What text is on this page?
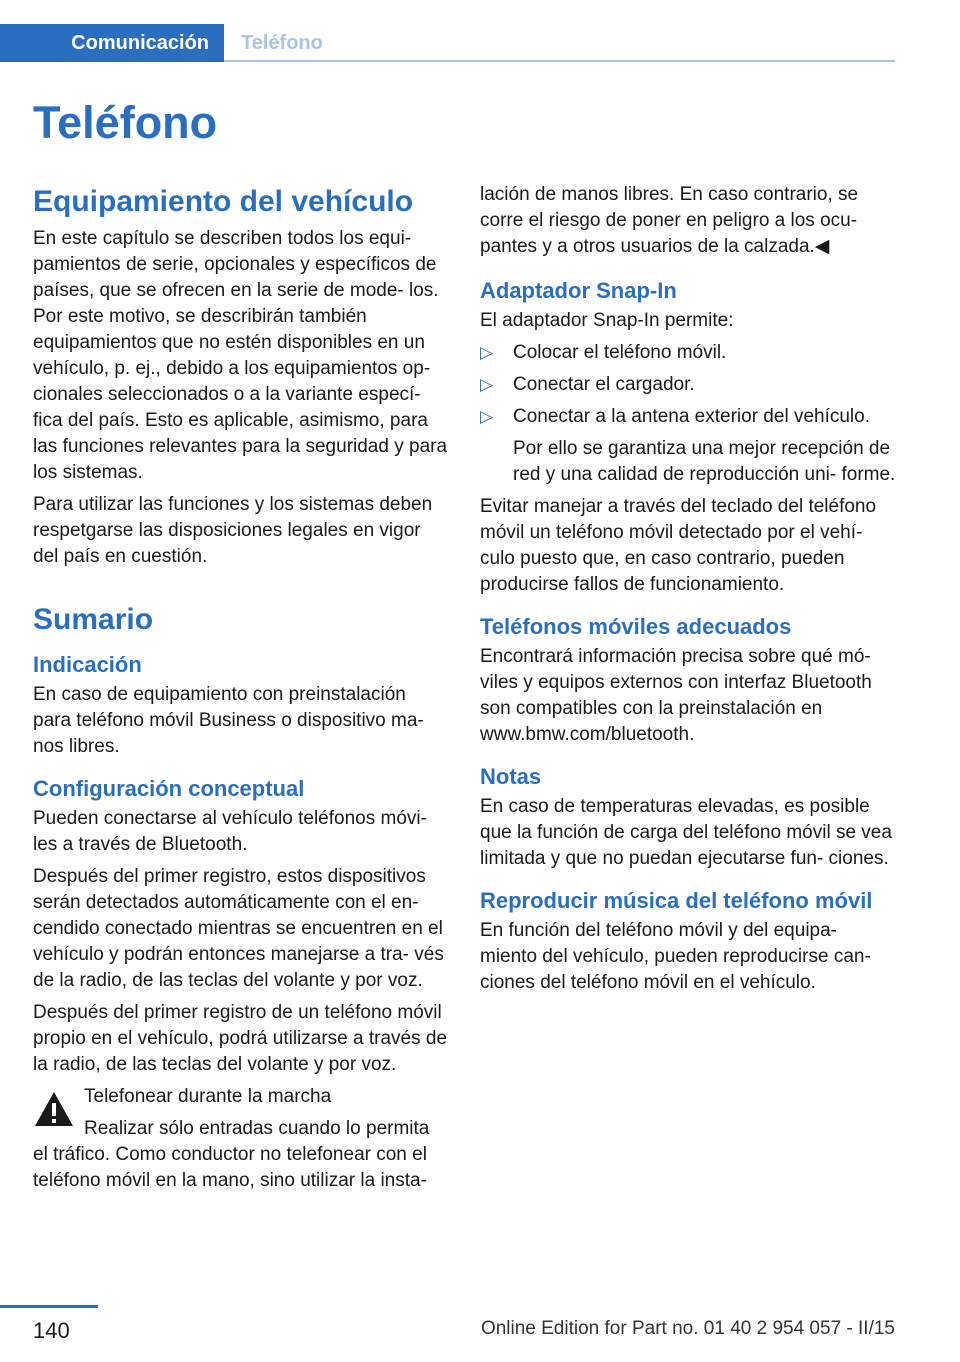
Comunicación	Teléfono
Teléfono
Equipamiento del vehículo

En este capítulo se describen todos los equi- pamientos de serie, opcionales y específicos de países, que se ofrecen en la serie de mode- los. Por este motivo, se describirán también equipamientos que no estén disponibles en un vehículo, p. ej., debido a los equipamientos op- cionales seleccionados o a la variante especí- fica del país. Esto es aplicable, asimismo, para las funciones relevantes para la seguridad y para los sistemas.

Para utilizar las funciones y los sistemas deben respetgarse las disposiciones legales en vigor del país en cuestión.

Sumario
Indicación

En caso de equipamiento con preinstalación para teléfono móvil Business o dispositivo ma- nos libres.

Configuración conceptual

Pueden conectarse al vehículo teléfonos móvi- les a través de Bluetooth.

Después del primer registro, estos dispositivos serán detectados automáticamente con el en- cendido conectado mientras se encuentren en el vehículo y podrán entonces manejarse a tra- vés de la radio, de las teclas del volante y por voz.

Después del primer registro de un teléfono móvil propio en el vehículo, podrá utilizarse a través de la radio, de las teclas del volante y por voz.

Telefonear durante la marcha

Realizar sólo entradas cuando lo permita el tráfico. Como conductor no telefonear con el teléfono móvil en la mano, sino utilizar la insta-

lación de manos libres. En caso contrario, se corre el riesgo de poner en peligro a los ocu- pantes y a otros usuarios de la calzada.◀

Adaptador Snap-In

El adaptador Snap-In permite:

▷ Colocar el teléfono móvil.
▷ Conectar el cargador.
▷ Conectar a la antena exterior del vehículo.

Por ello se garantiza una mejor recepción de red y una calidad de reproducción uni- forme.

Evitar manejar a través del teclado del teléfono móvil un teléfono móvil detectado por el vehí- culo puesto que, en caso contrario, pueden producirse fallos de funcionamiento.

Teléfonos móviles adecuados

Encontrará información precisa sobre qué mó- viles y equipos externos con interfaz Bluetooth son compatibles con la preinstalación en www.bmw.com/bluetooth.

Notas

En caso de temperaturas elevadas, es posible que la función de carga del teléfono móvil se vea limitada y que no puedan ejecutarse fun- ciones.

Reproducir música del teléfono móvil

En función del teléfono móvil y del equipa- miento del vehículo, pueden reproducirse can- ciones del teléfono móvil en el vehículo.

140	Online Edition for Part no. 01 40 2 954 057 - II/15
